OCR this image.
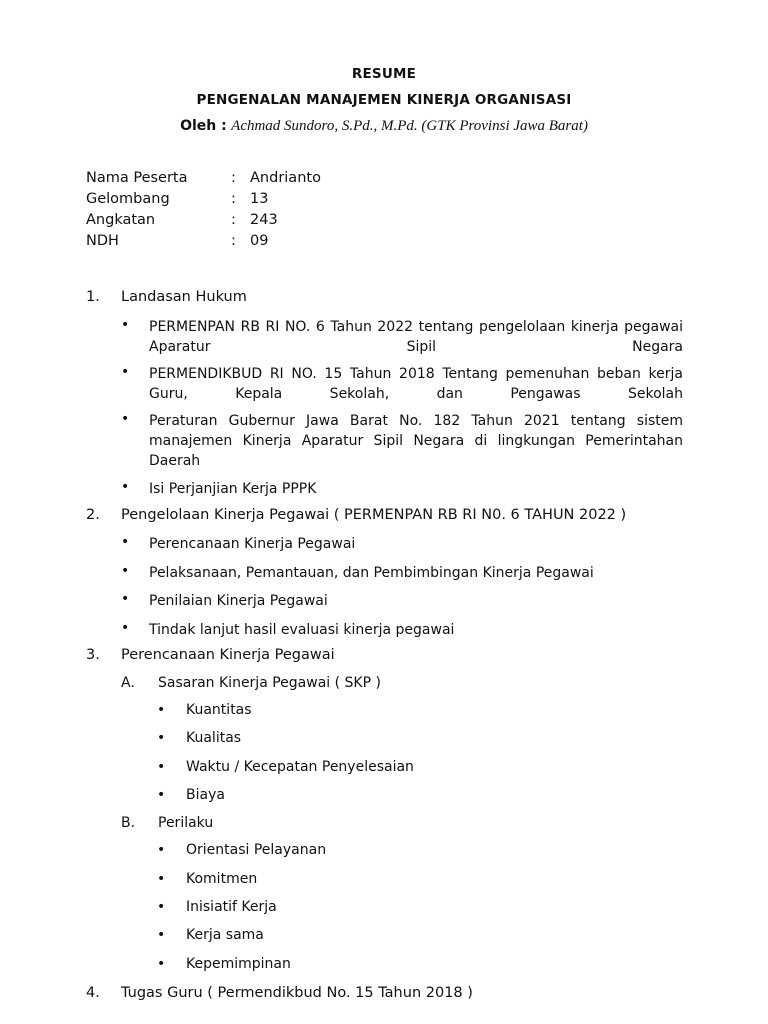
RESUME
PENGENALAN MANAJEMEN KINERJA ORGANISASI
Oleh : Achmad Sundoro, S.Pd., M.Pd. (GTK Provinsi Jawa Barat)
Nama Peserta	: Andrianto
Gelombang	: 13
Angkatan	: 243
NDH	: 09
1. Landasan Hukum
• PERMENPAN RB RI NO. 6 Tahun 2022 tentang pengelolaan kinerja pegawai Aparatur Sipil Negara
• PERMENDIKBUD RI NO. 15 Tahun 2018 Tentang pemenuhan beban kerja Guru, Kepala Sekolah, dan Pengawas Sekolah
• Peraturan Gubernur Jawa Barat No. 182 Tahun 2021 tentang sistem manajemen Kinerja Aparatur Sipil Negara di lingkungan Pemerintahan Daerah
• Isi Perjanjian Kerja PPPK
2. Pengelolaan Kinerja Pegawai ( PERMENPAN RB RI N0. 6 TAHUN 2022 )
• Perencanaan Kinerja Pegawai
• Pelaksanaan, Pemantauan, dan Pembimbingan Kinerja Pegawai
• Penilaian Kinerja Pegawai
• Tindak lanjut hasil evaluasi kinerja pegawai
3. Perencanaan Kinerja Pegawai
A. Sasaran Kinerja Pegawai ( SKP )
• Kuantitas
• Kualitas
• Waktu / Kecepatan Penyelesaian
• Biaya
B. Perilaku
• Orientasi Pelayanan
• Komitmen
• Inisiatif Kerja
• Kerja sama
• Kepemimpinan
4. Tugas Guru ( Permendikbud No. 15 Tahun 2018 )
